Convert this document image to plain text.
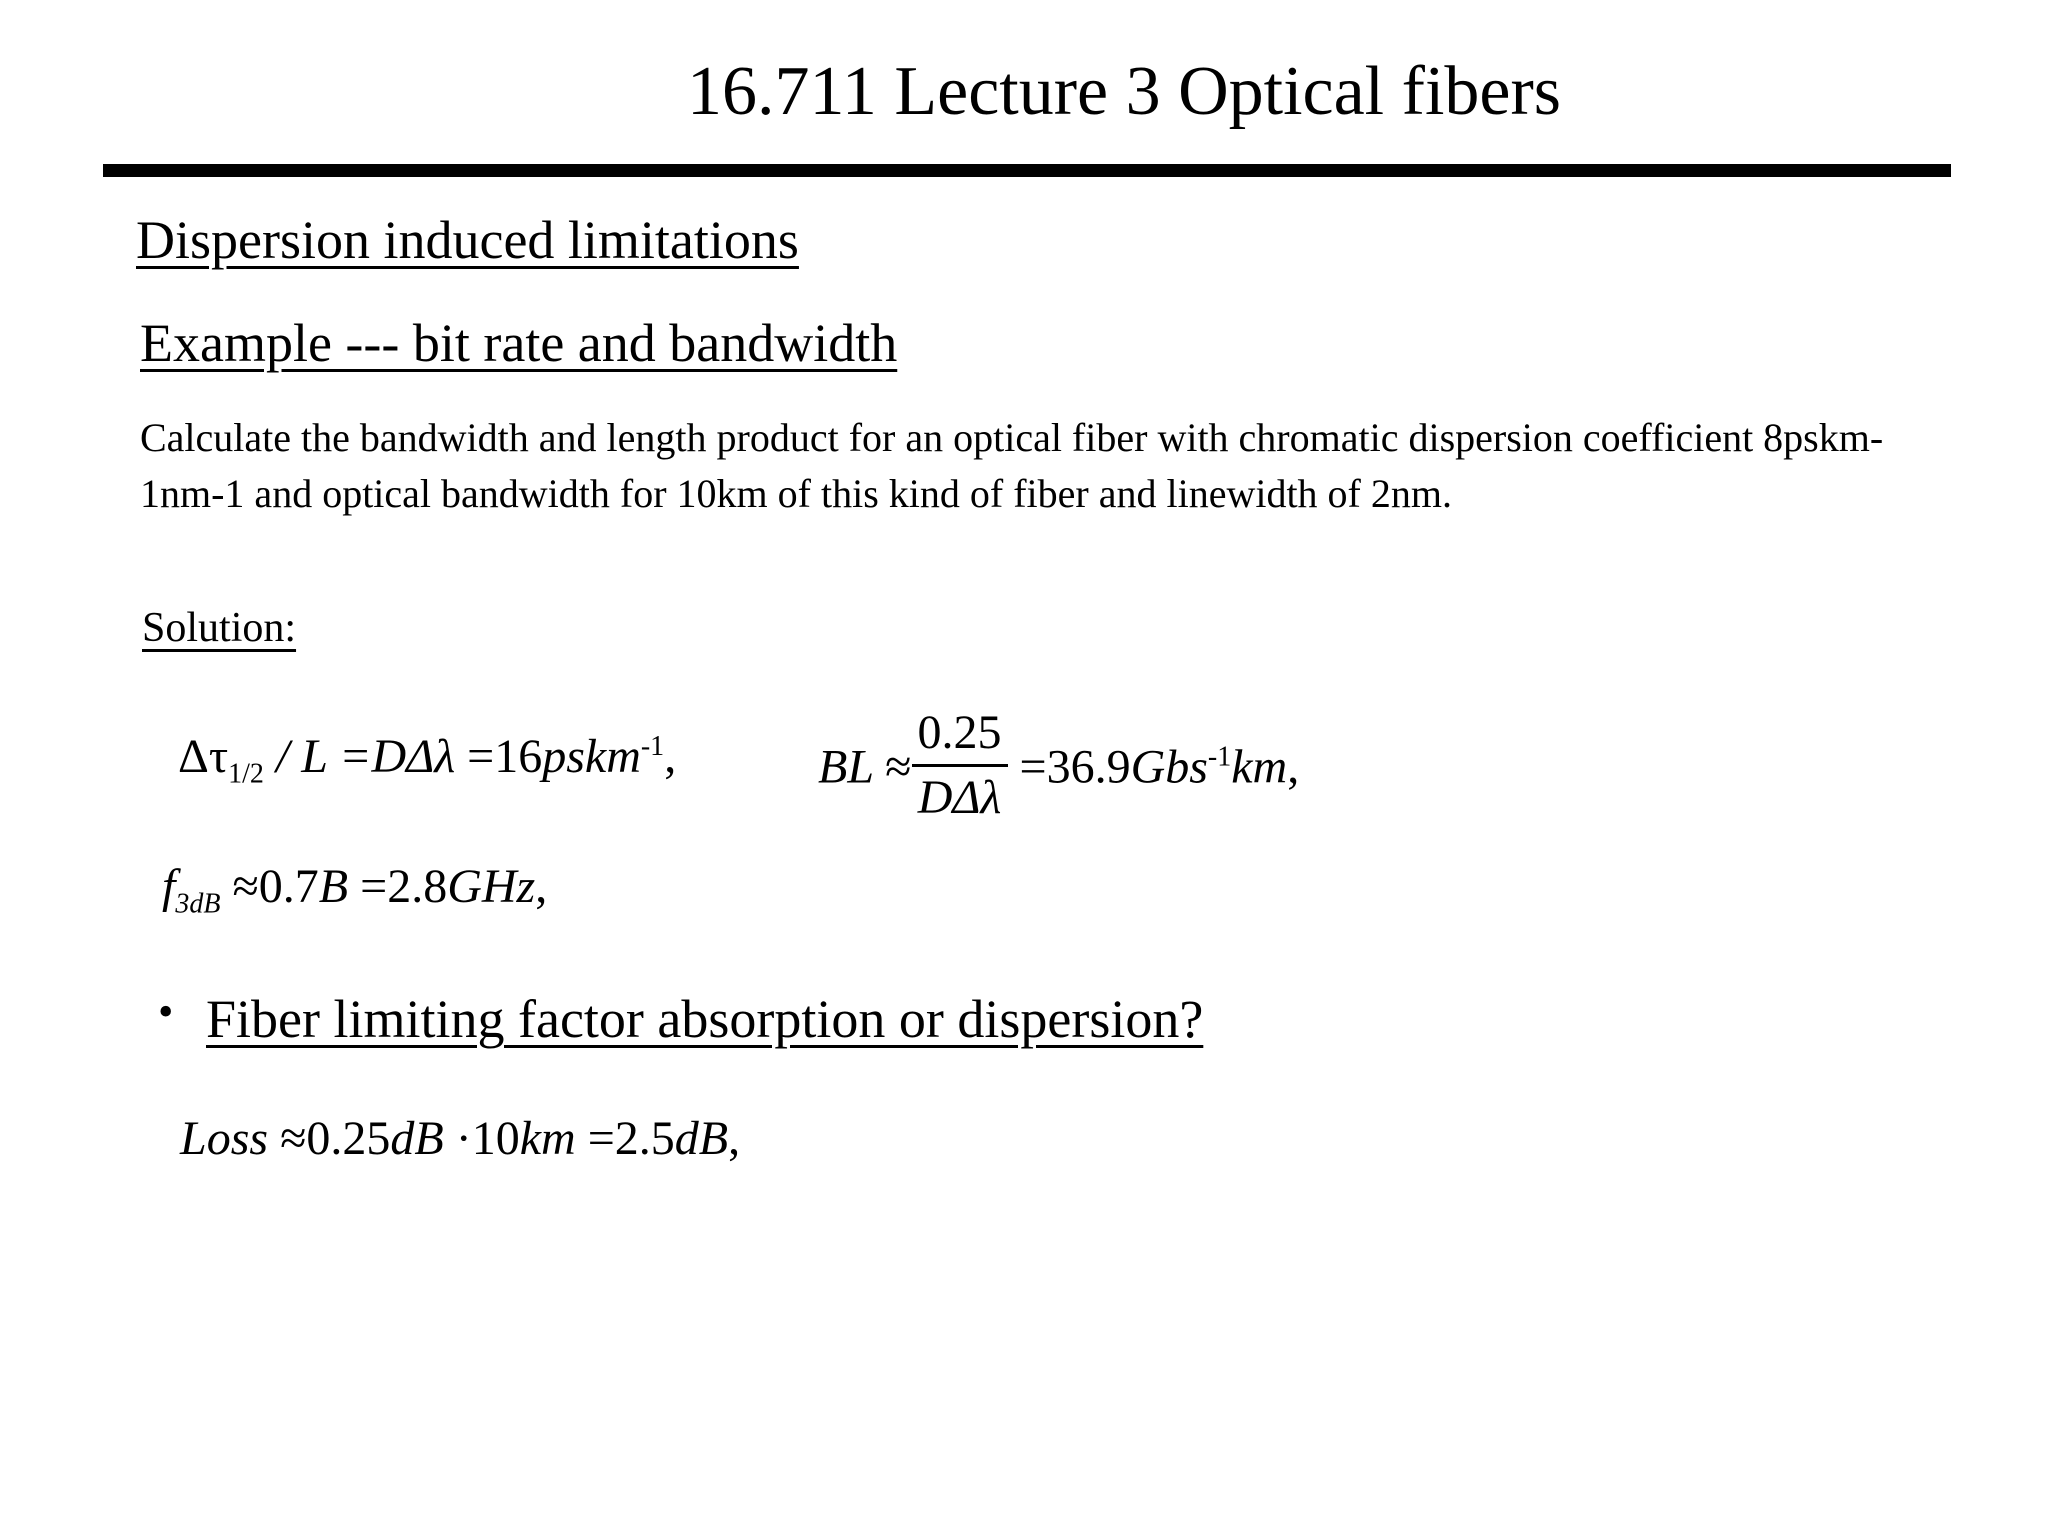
16.711 Lecture 3 Optical fibers
Dispersion induced limitations
Example --- bit rate and bandwidth
Calculate the bandwidth and length product for an optical fiber with chromatic dispersion coefficient 8pskm-1nm-1 and optical bandwidth for 10km of this kind of fiber and linewidth of 2nm.
Solution:
$\Delta\tau_{1/2} / L =D\Delta\lambda$ =16pskm$^{-1}$,	BL ≈ $\frac{0.25}{\text{DΔλ}} =36.9Gbs^{-1}km$,
$f_{3dB} \approx 0.7B =2.8GHz$,
• Fiber limiting factor absorption or dispersion?
Loss ≈0.25dB ·10km =2.5dB,
